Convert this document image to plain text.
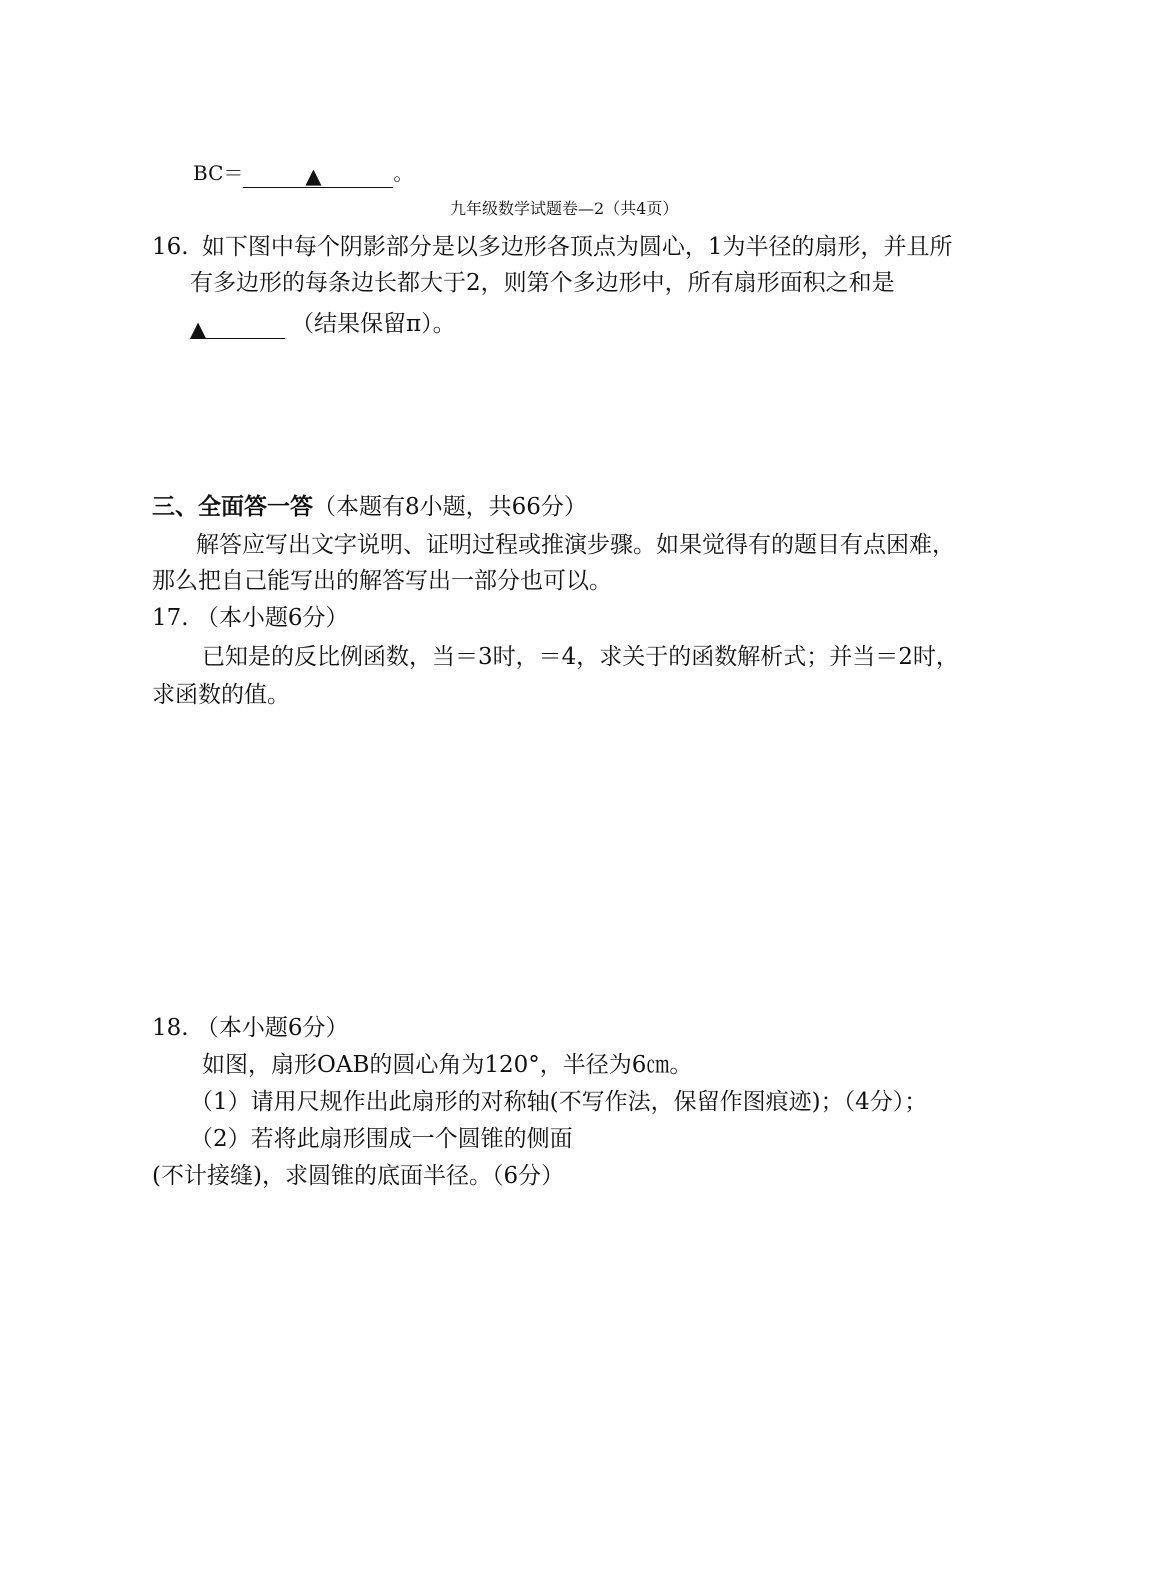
BC＝	▲	。
九年级数学试题卷—2（共4页）
16. 如下图中每个阴影部分是以多边形各顶点为圆心，1为半径的扇形，并且所
有多边形的每条边长都大于2，则第个多边形中，所有扇形面积之和是
▲	（结果保留π）。
三、全面答一答（本题有8小题，共66分）
解答应写出文字说明、证明过程或推演步骤。如果觉得有的题目有点困难，
那么把自己能写出的解答写出一部分也可以。
17. （本小题6分）
已知是的反比例函数，当＝3时，＝4，求关于的函数解析式；并当＝2时，
求函数的值。
18. （本小题6分）
如图，扇形OAB的圆心角为120°，半径为6㎝。
（1）请用尺规作出此扇形的对称轴(不写作法，保留作图痕迹)；（4分）；
（2）若将此扇形围成一个圆锥的侧面
(不计接缝)，求圆锥的底面半径。（6分）
